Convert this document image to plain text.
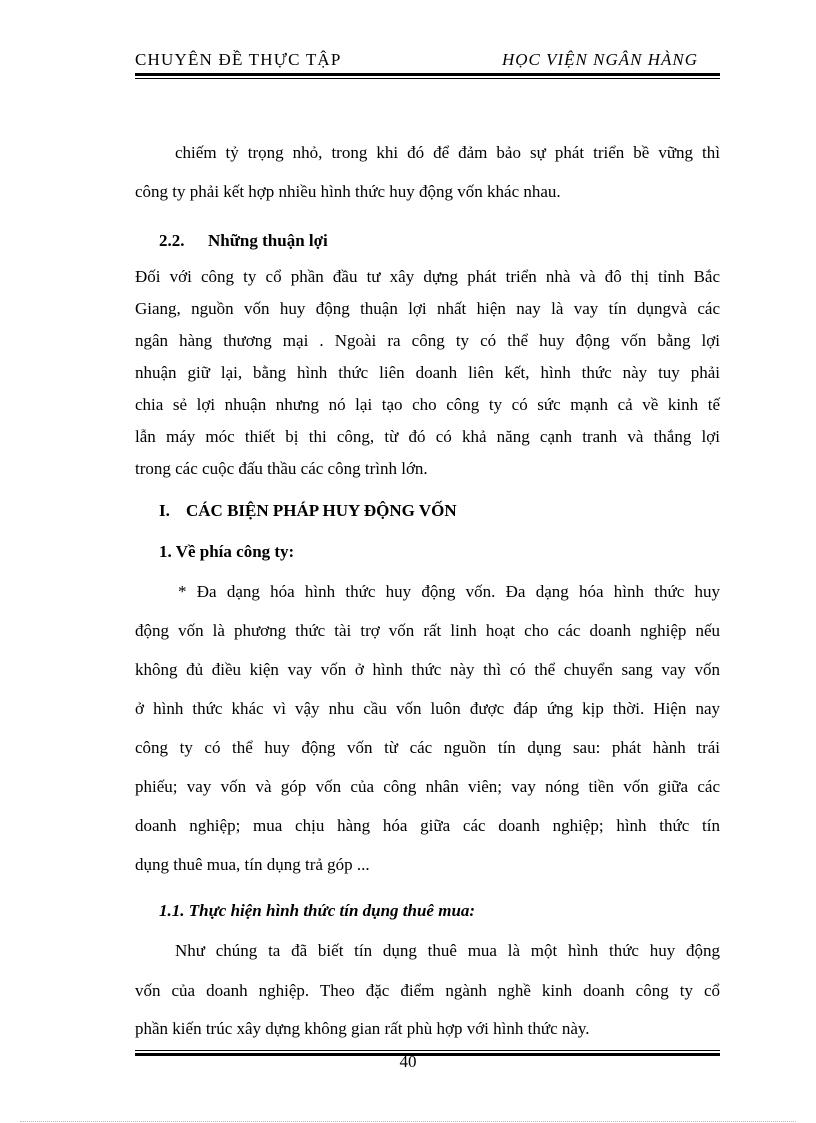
CHUYÊN ĐỀ THỰC TẬP	HỌC VIỆN NGÂN HÀNG
chiếm tỷ trọng nhỏ, trong khi đó để đảm bảo sự phát triển bề vững thì
công ty phải kết hợp nhiều hình thức huy động vốn khác nhau.
2.2. Những thuận lợi
Đối với công ty cổ phần đầu tư xây dựng phát triển nhà và đô thị tỉnh Bắc
Giang, nguồn vốn huy động thuận lợi nhất hiện nay là vay tín dụngvà các
ngân hàng thương mại . Ngoài ra công ty có thể huy động vốn bằng lợi
nhuận giữ lại, bằng hình thức liên doanh liên kết, hình thức này tuy phải
chia sẻ lợi nhuận nhưng nó lại tạo cho công ty có sức mạnh cả về kinh tế
lẫn máy móc thiết bị thi công, từ đó có khả năng cạnh tranh và thắng lợi
trong các cuộc đấu thầu các công trình lớn.
I. CÁC BIỆN PHÁP HUY ĐỘNG VỐN
1. Về phía công ty:
* Đa dạng hóa hình thức huy động vốn. Đa dạng hóa hình thức huy
động vốn là phương thức tài trợ vốn rất linh hoạt cho các doanh nghiệp nếu
không đủ điều kiện vay vốn ở hình thức này thì có thể chuyển sang vay vốn
ở hình thức khác vì vậy nhu cầu vốn luôn được đáp ứng kịp thời. Hiện nay
công ty có thể huy động vốn từ các nguồn tín dụng sau: phát hành trái
phiếu; vay vốn và góp vốn của công nhân viên; vay nóng tiền vốn giữa các
doanh nghiệp; mua chịu hàng hóa giữa các doanh nghiệp; hình thức tín
dụng thuê mua, tín dụng trả góp ...
1.1. Thực hiện hình thức tín dụng thuê mua:
Như chúng ta đã biết tín dụng thuê mua là một hình thức huy động
vốn của doanh nghiệp. Theo đặc điểm ngành nghề kinh doanh công ty cổ
phần kiến trúc xây dựng không gian rất phù hợp với hình thức này.
40
